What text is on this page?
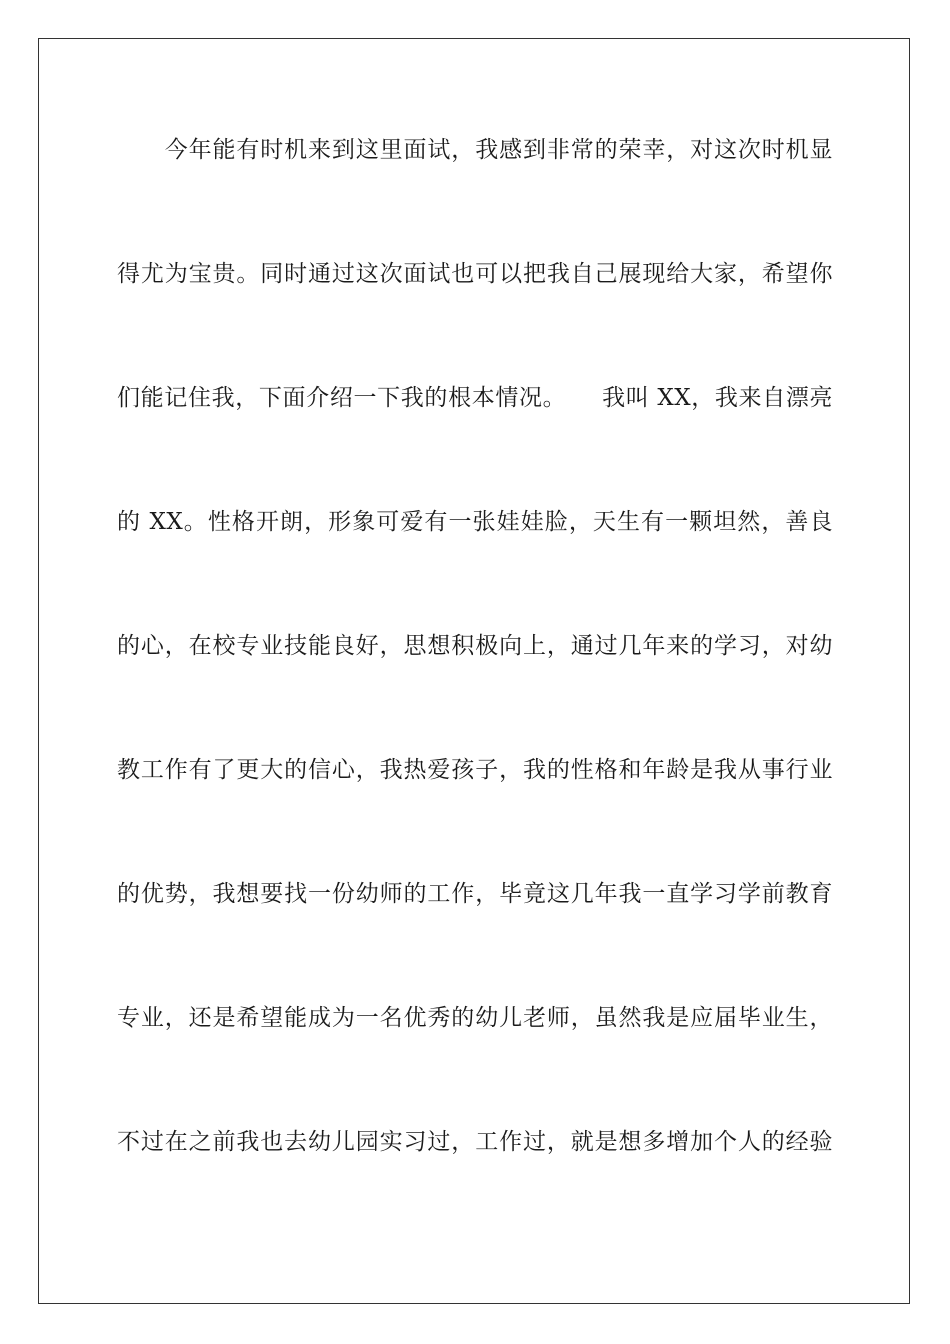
　　今年能有时机来到这里面试，我感到非常的荣幸，对这次时机显
得尤为宝贵。同时通过这次面试也可以把我自己展现给大家，希望你
们能记住我，下面介绍一下我的根本情况。　　我叫 XX，我来自漂亮
的 XX。性格开朗，形象可爱有一张娃娃脸，天生有一颗坦然，善良
的心，在校专业技能良好，思想积极向上，通过几年来的学习，对幼
教工作有了更大的信心，我热爱孩子，我的性格和年龄是我从事行业
的优势，我想要找一份幼师的工作，毕竟这几年我一直学习学前教育
专业，还是希望能成为一名优秀的幼儿老师，虽然我是应届毕业生，
不过在之前我也去幼儿园实习过，工作过，就是想多增加个人的经验
